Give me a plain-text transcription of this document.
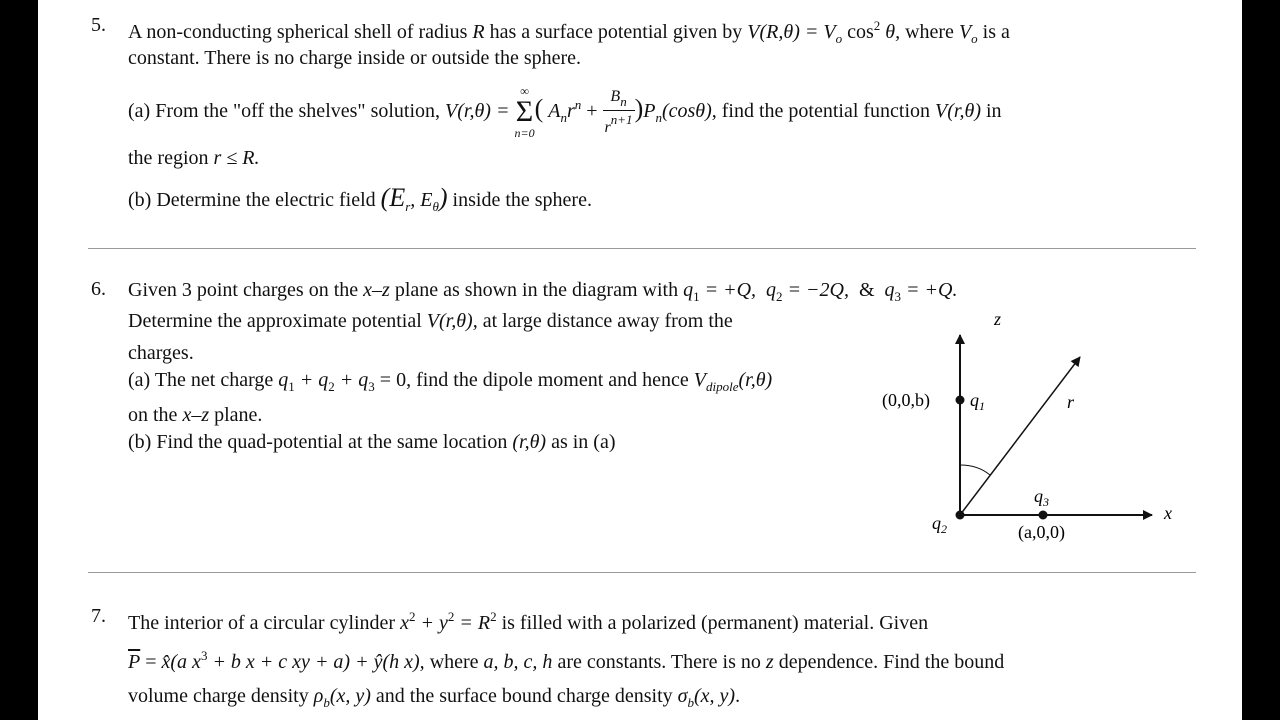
5. A non-conducting spherical shell of radius R has a surface potential given by $V(R,\theta) = V_o$ $\cos^2 \theta$, where $V_o$ is a
constant. There is no charge inside or outside the sphere.
(a) From the "off the shelves" solution, V(r,θ) =
∞
Σ
n=0
( $A_nr^n + \frac{B_n}{r^{n+1}} )P_n(\cos\theta)$, find the potential function V(r,θ) in
the region r ≤ R.
(b) Determine the electric field ($E_r$, $E_\theta$) inside the sphere.
6. Given 3 point charges on the x–z plane as shown in the diagram with $q_1 = +Q$, $q_2 = -2Q$, & $q_3 = +Q$.
Determine the approximate potential V(r,θ), at large distance away from the
charges.
(a) The net charge $q_1 + q_2 + q_3 = 0$, find the dipole moment and hence $V_{dipole}(r,\theta)$
on the x–z plane.
(b) Find the quad-potential at the same location (r,θ) as in (a)
z
x
r
(0,0,b) $q_1$
$q_2$
$q_3$
(a,0,0)
7. The interior of a circular cylinder $x^2 + y^2 = R^2$ is filled with a polarized (permanent) material. Given
$\overline{P}$ = x̂(a $x^3 + b$ x + c xy + a) + ŷ(h x), where a, b, c, h are constants. There is no z dependence. Find the bound
volume charge density $\rho_b(x$, y) and the surface bound charge density $\sigma_b(x$, y).
